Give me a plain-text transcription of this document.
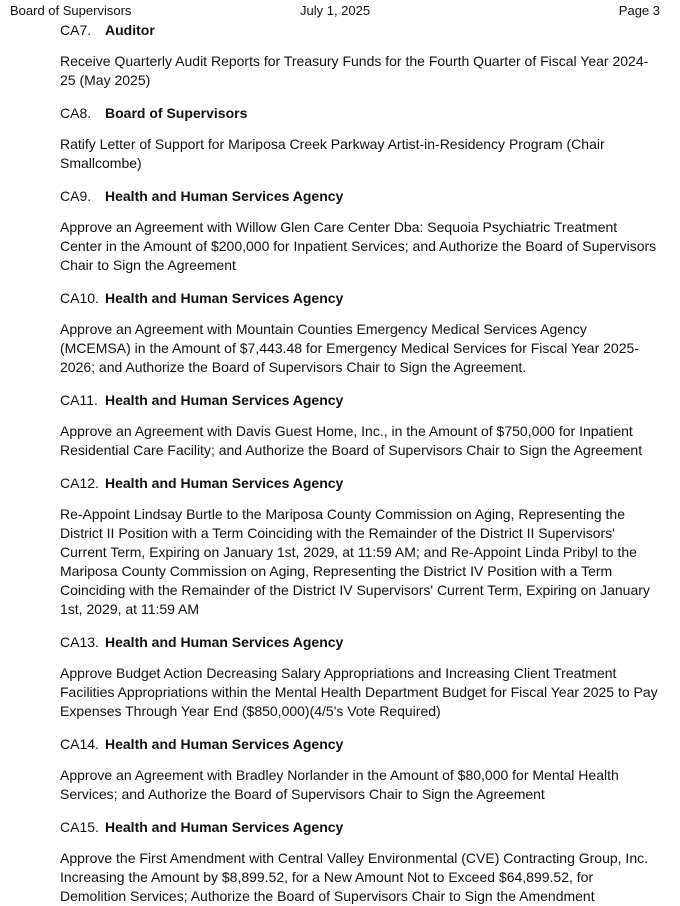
Board of Supervisors	July 1, 2025	Page 3
CA7. Auditor
Receive Quarterly Audit Reports for Treasury Funds for the Fourth Quarter of Fiscal Year 2024-25 (May 2025)
CA8. Board of Supervisors
Ratify Letter of Support for Mariposa Creek Parkway Artist-in-Residency Program (Chair Smallcombe)
CA9. Health and Human Services Agency
Approve an Agreement with Willow Glen Care Center Dba: Sequoia Psychiatric Treatment Center in the Amount of $200,000 for Inpatient Services; and Authorize the Board of Supervisors Chair to Sign the Agreement
CA10. Health and Human Services Agency
Approve an Agreement with Mountain Counties Emergency Medical Services Agency (MCEMSA) in the Amount of $7,443.48 for Emergency Medical Services for Fiscal Year 2025-2026; and Authorize the Board of Supervisors Chair to Sign the Agreement.
CA11. Health and Human Services Agency
Approve an Agreement with Davis Guest Home, Inc., in the Amount of $750,000 for Inpatient Residential Care Facility; and Authorize the Board of Supervisors Chair to Sign the Agreement
CA12. Health and Human Services Agency
Re-Appoint Lindsay Burtle to the Mariposa County Commission on Aging, Representing the District II Position with a Term Coinciding with the Remainder of the District II Supervisors' Current Term, Expiring on January 1st, 2029, at 11:59 AM; and Re-Appoint Linda Pribyl to the Mariposa County Commission on Aging, Representing the District IV Position with a Term Coinciding with the Remainder of the District IV Supervisors' Current Term, Expiring on January 1st, 2029, at 11:59 AM
CA13. Health and Human Services Agency
Approve Budget Action Decreasing Salary Appropriations and Increasing Client Treatment Facilities Appropriations within the Mental Health Department Budget for Fiscal Year 2025 to Pay Expenses Through Year End ($850,000)(4/5's Vote Required)
CA14. Health and Human Services Agency
Approve an Agreement with Bradley Norlander in the Amount of $80,000 for Mental Health Services; and Authorize the Board of Supervisors Chair to Sign the Agreement
CA15. Health and Human Services Agency
Approve the First Amendment with Central Valley Environmental (CVE) Contracting Group, Inc. Increasing the Amount by $8,899.52, for a New Amount Not to Exceed $64,899.52, for Demolition Services; Authorize the Board of Supervisors Chair to Sign the Amendment
